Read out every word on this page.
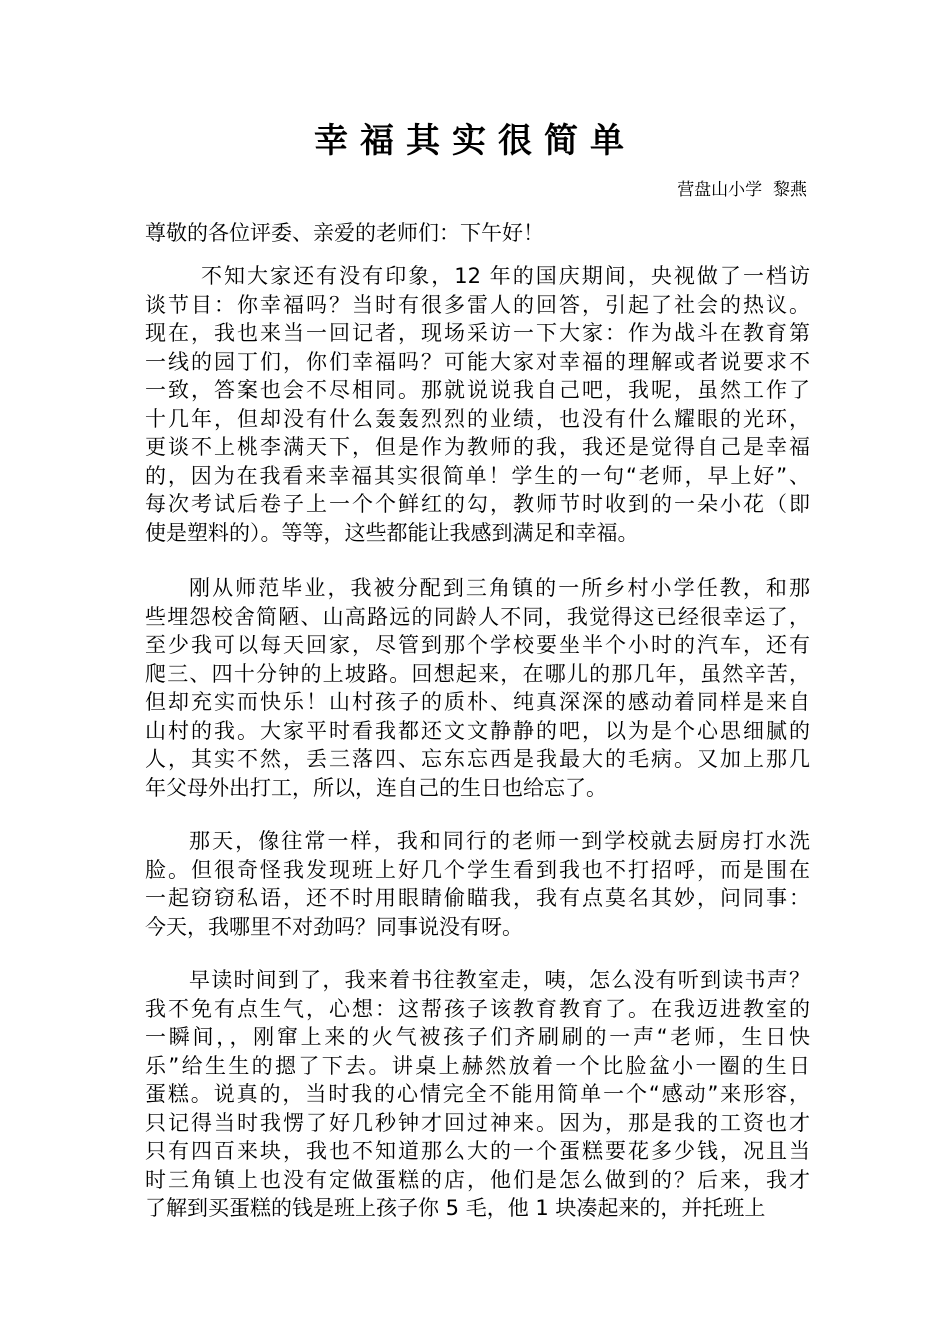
幸福其实很简单
营盘山小学  黎燕
尊敬的各位评委、亲爱的老师们：下午好！
不知大家还有没有印象，12 年的国庆期间，央视做了一档访
谈节目：你幸福吗？当时有很多雷人的回答，引起了社会的热议。
现在，我也来当一回记者，现场采访一下大家：作为战斗在教育第
一线的园丁们，你们幸福吗？可能大家对幸福的理解或者说要求不
一致，答案也会不尽相同。那就说说我自己吧，我呢，虽然工作了
十几年，但却没有什么轰轰烈烈的业绩，也没有什么耀眼的光环，
更谈不上桃李满天下，但是作为教师的我，我还是觉得自己是幸福
的，因为在我看来幸福其实很简单！学生的一句“老师，早上好”、
每次考试后卷子上一个个鲜红的勾，教师节时收到的一朵小花（即
使是塑料的）。等等，这些都能让我感到满足和幸福。
刚从师范毕业，我被分配到三角镇的一所乡村小学任教，和那
些埋怨校舍简陋、山高路远的同龄人不同，我觉得这已经很幸运了，
至少我可以每天回家，尽管到那个学校要坐半个小时的汽车，还有
爬三、四十分钟的上坡路。回想起来，在哪儿的那几年，虽然辛苦，
但却充实而快乐！山村孩子的质朴、纯真深深的感动着同样是来自
山村的我。大家平时看我都还文文静静的吧，以为是个心思细腻的
人，其实不然，丢三落四、忘东忘西是我最大的毛病。又加上那几
年父母外出打工，所以，连自己的生日也给忘了。
那天，像往常一样，我和同行的老师一到学校就去厨房打水洗
脸。但很奇怪我发现班上好几个学生看到我也不打招呼，而是围在
一起窃窃私语，还不时用眼睛偷瞄我，我有点莫名其妙，问同事：
今天，我哪里不对劲吗？同事说没有呀。
早读时间到了，我来着书往教室走，咦，怎么没有听到读书声？
我不免有点生气，心想：这帮孩子该教育教育了。在我迈进教室的
一瞬间，，刚窜上来的火气被孩子们齐刷刷的一声“老师，生日快
乐”给生生的摁了下去。讲桌上赫然放着一个比脸盆小一圈的生日
蛋糕。说真的，当时我的心情完全不能用简单一个“感动”来形容，
只记得当时我愣了好几秒钟才回过神来。因为，那是我的工资也才
只有四百来块，我也不知道那么大的一个蛋糕要花多少钱，况且当
时三角镇上也没有定做蛋糕的店，他们是怎么做到的？后来，我才
了解到买蛋糕的钱是班上孩子你 5 毛，他 1 块凑起来的，并托班上
